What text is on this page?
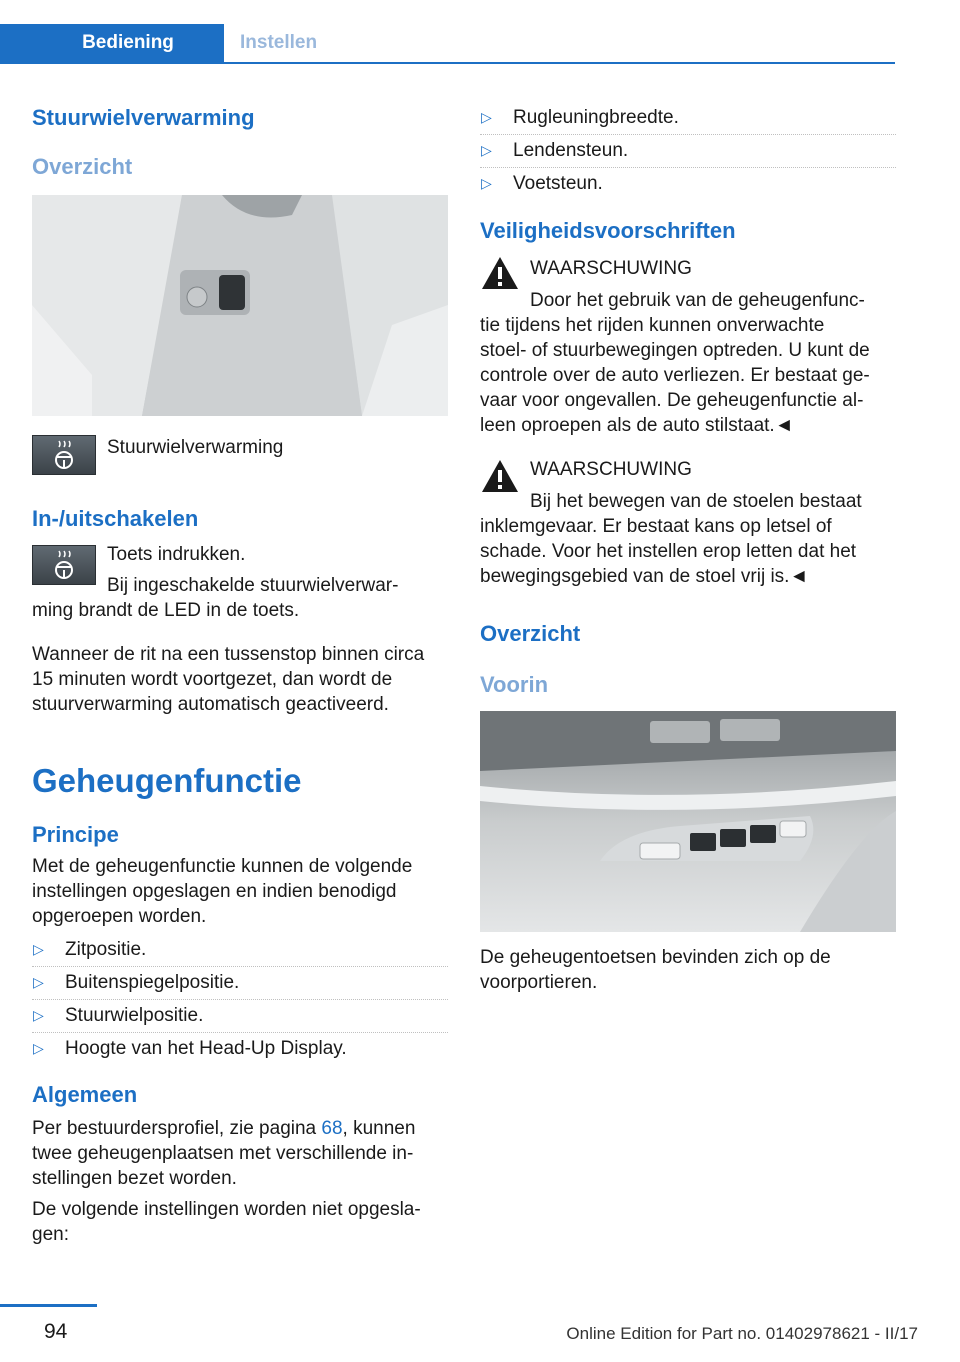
Bediening	Instellen
Stuurwielverwarming
Overzicht

Stuurwielverwarming

In-/uitschakelen

Toets indrukken.

Bij ingeschakelde stuurwielverwar-

ming brandt de LED in de toets.

Wanneer de rit na een tussenstop binnen circa

15 minuten wordt voortgezet, dan wordt de

stuurverwarming automatisch geactiveerd.

Geheugenfunctie
Principe

Met de geheugenfunctie kunnen de volgende

instellingen opgeslagen en indien benodigd

opgeroepen worden.

▷ Zitpositie.
▷ Buitenspiegelpositie.
▷ Stuurwielpositie.
▷ Hoogte van het Head-Up Display.
Algemeen

Per bestuurdersprofiel, zie pagina 68, kunnen

twee geheugenplaatsen met verschillende in-

stellingen bezet worden.

De volgende instellingen worden niet opgesla-

gen:

▷ Rugleuningbreedte.
▷ Lendensteun.
▷ Voetsteun.
Veiligheidsvoorschriften

WAARSCHUWING

Door het gebruik van de geheugenfunc-

tie tijdens het rijden kunnen onverwachte

stoel- of stuurbewegingen optreden. U kunt de

controle over de auto verliezen. Er bestaat ge-

vaar voor ongevallen. De geheugenfunctie al-

leen oproepen als de auto stilstaat.◄

WAARSCHUWING

Bij het bewegen van de stoelen bestaat

inklemgevaar. Er bestaat kans op letsel of

schade. Voor het instellen erop letten dat het

bewegingsgebied van de stoel vrij is.◄

Overzicht
Voorin

De geheugentoetsen bevinden zich op de

voorportieren.

94	Online Edition for Part no. 01402978621 - II/17
